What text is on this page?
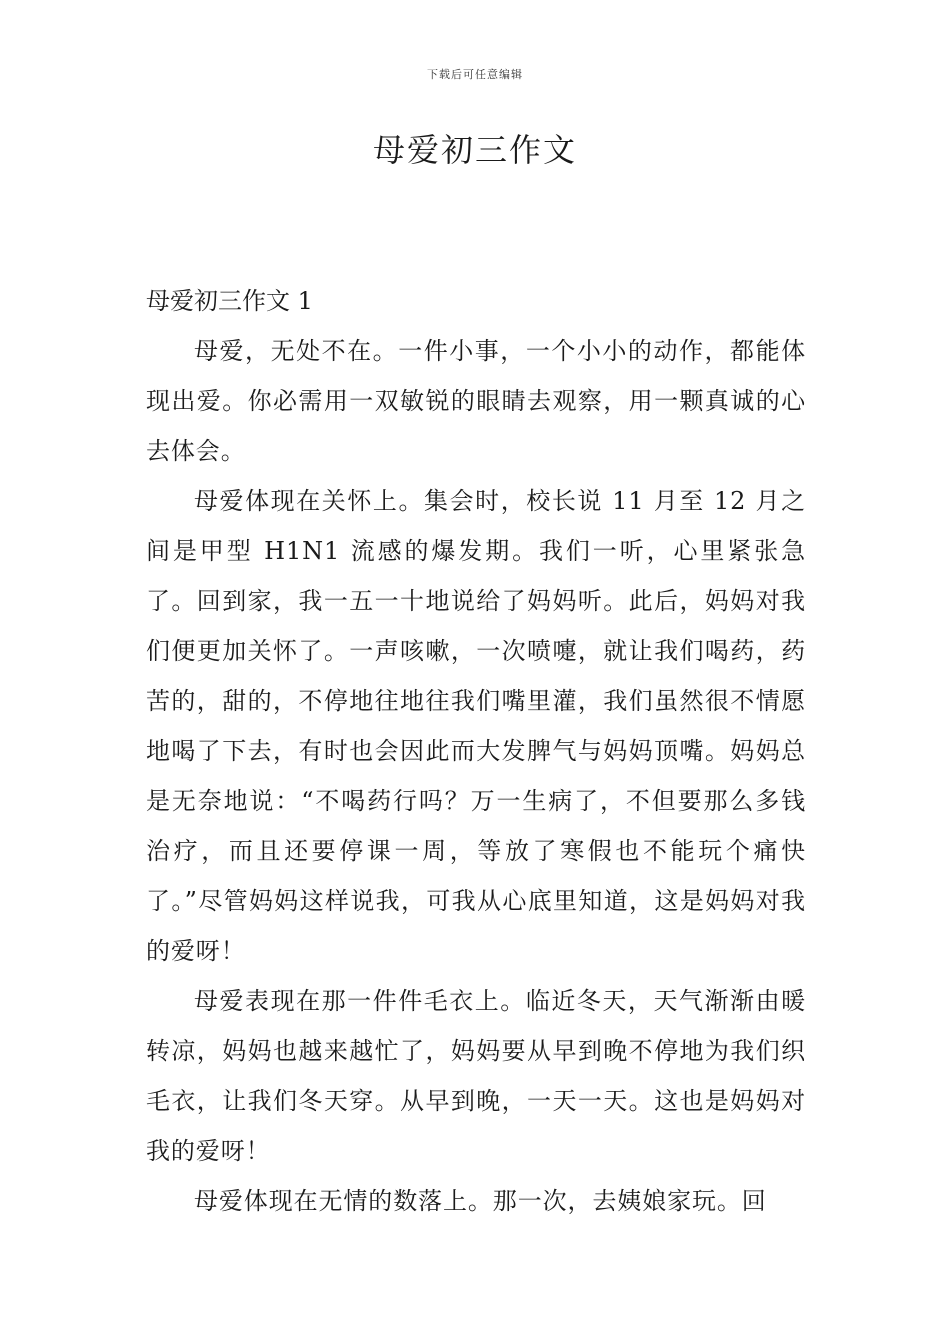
下载后可任意编辑
母爱初三作文

母爱初三作文 1

母爱，无处不在。一件小事，一个小小的动作，都能体现出爱。你必需用一双敏锐的眼睛去观察，用一颗真诚的心去体会。

母爱体现在关怀上。集会时，校长说 11 月至 12 月之间是甲型 H1N1 流感的爆发期。我们一听，心里紧张急了。回到家，我一五一十地说给了妈妈听。此后，妈妈对我们便更加关怀了。一声咳嗽，一次喷嚏，就让我们喝药，药苦的，甜的，不停地往地往我们嘴里灌，我们虽然很不情愿地喝了下去，有时也会因此而大发脾气与妈妈顶嘴。妈妈总是无奈地说：“不喝药行吗？万一生病了，不但要那么多钱治疗，而且还要停课一周，等放了寒假也不能玩个痛快了。”尽管妈妈这样说我，可我从心底里知道，这是妈妈对我的爱呀！

母爱表现在那一件件毛衣上。临近冬天，天气渐渐由暖转凉，妈妈也越来越忙了，妈妈要从早到晚不停地为我们织毛衣，让我们冬天穿。从早到晚，一天一天。这也是妈妈对我的爱呀！

母爱体现在无情的数落上。那一次，去姨娘家玩。回
